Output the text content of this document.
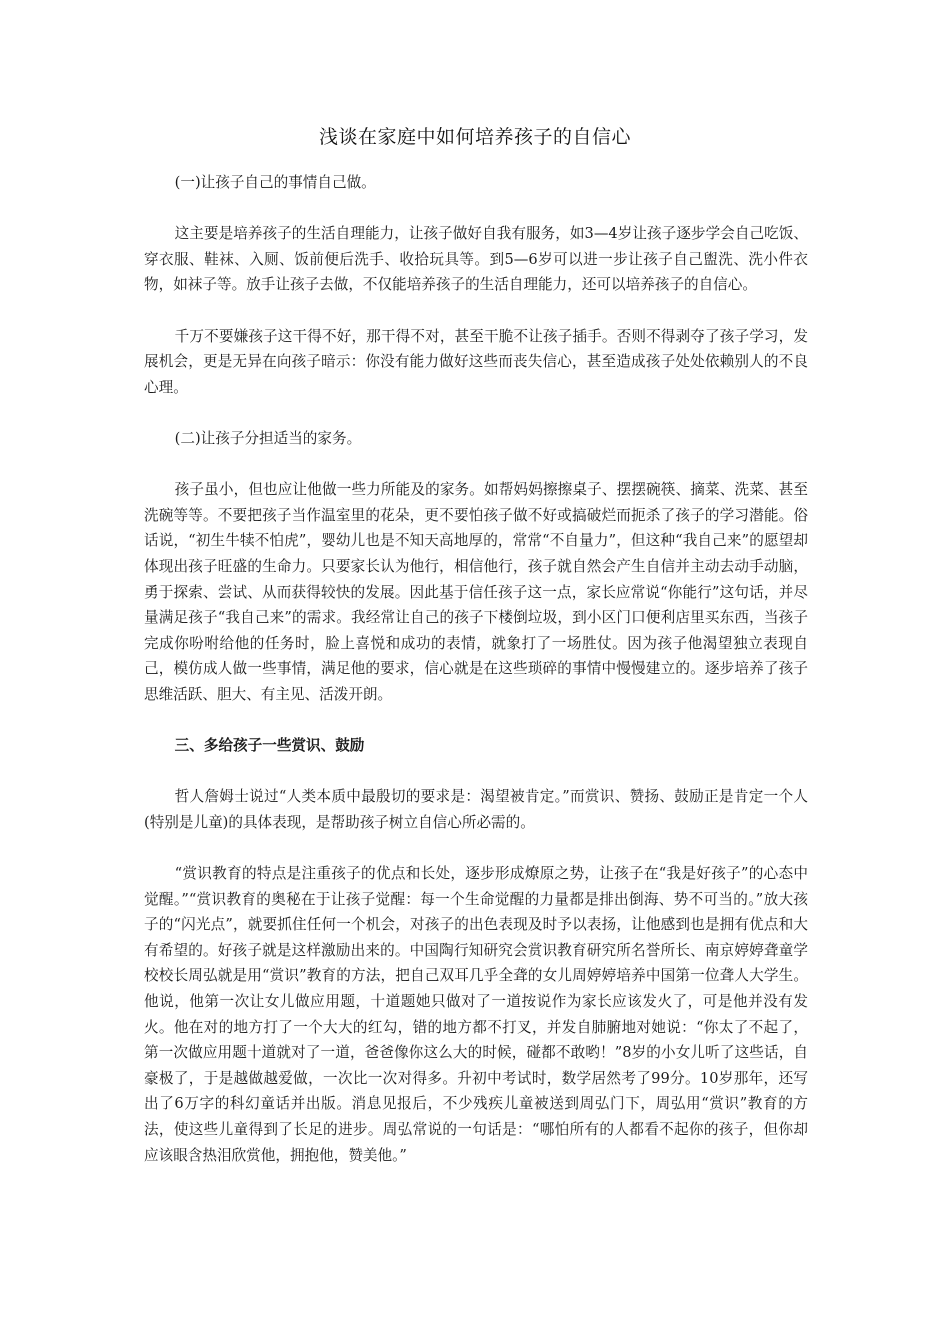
浅谈在家庭中如何培养孩子的自信心

(一)让孩子自己的事情自己做。

这主要是培养孩子的生活自理能力，让孩子做好自我有服务，如3—4岁让孩子逐步学会自己吃饭、穿衣服、鞋袜、入厕、饭前便后洗手、收拾玩具等。到5—6岁可以进一步让孩子自己盥洗、洗小件衣物，如袜子等。放手让孩子去做，不仅能培养孩子的生活自理能力，还可以培养孩子的自信心。

千万不要嫌孩子这干得不好，那干得不对，甚至干脆不让孩子插手。否则不得剥夺了孩子学习，发展机会，更是无异在向孩子暗示：你没有能力做好这些而丧失信心，甚至造成孩子处处依赖别人的不良心理。

(二)让孩子分担适当的家务。

孩子虽小，但也应让他做一些力所能及的家务。如帮妈妈擦擦桌子、摆摆碗筷、摘菜、洗菜、甚至洗碗等等。不要把孩子当作温室里的花朵，更不要怕孩子做不好或搞破烂而扼杀了孩子的学习潜能。俗话说，“初生牛犊不怕虎”，婴幼儿也是不知天高地厚的，常常“不自量力”，但这种“我自己来”的愿望却体现出孩子旺盛的生命力。只要家长认为他行，相信他行，孩子就自然会产生自信并主动去动手动脑，勇于探索、尝试、从而获得较快的发展。因此基于信任孩子这一点，家长应常说“你能行”这句话，并尽量满足孩子“我自己来”的需求。我经常让自己的孩子下楼倒垃圾，到小区门口便利店里买东西，当孩子完成你吩咐给他的任务时，脸上喜悦和成功的表情，就象打了一场胜仗。因为孩子他渴望独立表现自己，模仿成人做一些事情，满足他的要求，信心就是在这些琐碎的事情中慢慢建立的。逐步培养了孩子思维活跃、胆大、有主见、活泼开朗。

三、多给孩子一些赏识、鼓励

哲人詹姆士说过“人类本质中最殷切的要求是：渴望被肯定。”而赏识、赞扬、鼓励正是肯定一个人(特别是儿童)的具体表现，是帮助孩子树立自信心所必需的。

“赏识教育的特点是注重孩子的优点和长处，逐步形成燎原之势，让孩子在“我是好孩子”的心态中觉醒。”“赏识教育的奥秘在于让孩子觉醒：每一个生命觉醒的力量都是排出倒海、势不可当的。”放大孩子的“闪光点”，就要抓住任何一个机会，对孩子的出色表现及时予以表扬，让他感到也是拥有优点和大有希望的。好孩子就是这样激励出来的。中国陶行知研究会赏识教育研究所名誉所长、南京婷婷聋童学校校长周弘就是用“赏识”教育的方法，把自己双耳几乎全聋的女儿周婷婷培养中国第一位聋人大学生。他说，他第一次让女儿做应用题，十道题她只做对了一道按说作为家长应该发火了，可是他并没有发火。他在对的地方打了一个大大的红勾，错的地方都不打叉，并发自肺腑地对她说：“你太了不起了，第一次做应用题十道就对了一道，爸爸像你这么大的时候，碰都不敢哟！”8岁的小女儿听了这些话，自豪极了，于是越做越爱做，一次比一次对得多。升初中考试时，数学居然考了99分。10岁那年，还写出了6万字的科幻童话并出版。消息见报后，不少残疾儿童被送到周弘门下，周弘用“赏识”教育的方法，使这些儿童得到了长足的进步。周弘常说的一句话是：“哪怕所有的人都看不起你的孩子，但你却应该眼含热泪欣赏他，拥抱他，赞美他。”
